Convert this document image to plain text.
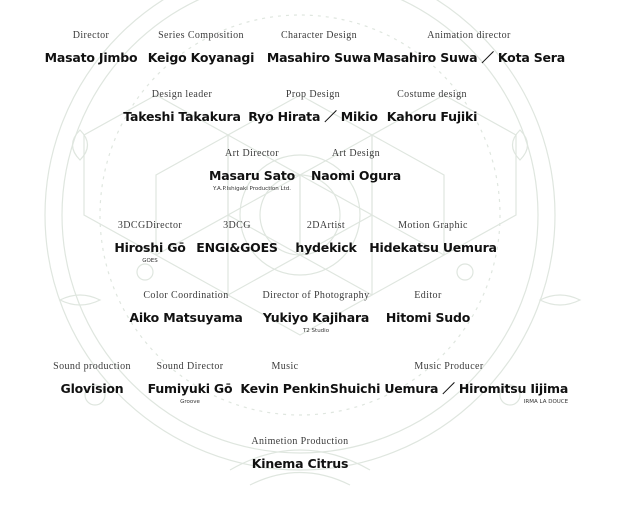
Director
Masato Jimbo
Series Composition
Keigo Koyanagi
Character Design
Masahiro Suwa
Animation director
Masahiro Suwa ／ Kota Sera
Design leader
Takeshi Takakura
Prop Design
Ryo Hirata ／ Mikio
Costume design
Kahoru Fujiki
Art Director
Masaru Sato
Y.A.P.Ishigaki Production Ltd.
Art Design
Naomi Ogura
3DCGDirector
Hiroshi Gō
GOES
3DCG
ENGI&GOES
2DArtist
hydekick
Motion Graphic
Hidekatsu Uemura
Color Coordination
Aiko Matsuyama
Director of Photography
Yukiyo Kajihara
T2 Studio
Editor
Hitomi Sudo
Sound production
Glovision
Sound Director
Fumiyuki Gō
Groove
Music
Kevin Penkin
Music Producer
Shuichi Uemura ／ Hiromitsu Iijima
IRMA LA DOUCE
Animetion Production
Kinema Citrus
